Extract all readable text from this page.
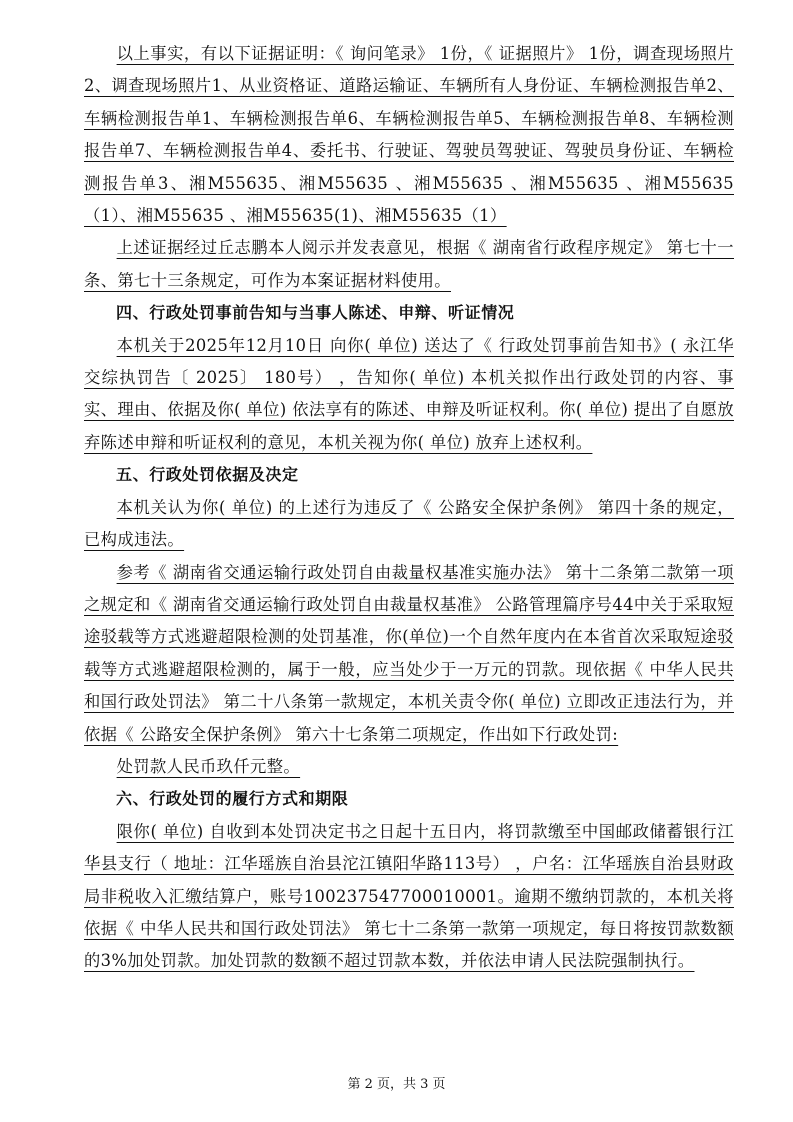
以上事实，有以下证据证明：《 询问笔录》 1份，《 证据照片》 1份，调查现场照片2、调查现场照片1、从业资格证、道路运输证、车辆所有人身份证、车辆检测报告单2、车辆检测报告单1、车辆检测报告单6、车辆检测报告单5、车辆检测报告单8、车辆检测报告单7、车辆检测报告单4、委托书、行驶证、驾驶员驾驶证、驾驶员身份证、车辆检测报告单3、湘M55635、湘M55635 、湘M55635 、湘M55635 、湘M55635（1）、湘M55635 、湘M55635(1)、湘M55635（1）

上述证据经过丘志鹏本人阅示并发表意见，根据《 湖南省行政程序规定》 第七十一条、第七十三条规定，可作为本案证据材料使用。

四、行政处罚事前告知与当事人陈述、申辩、听证情况

本机关于2025年12月10日 向你( 单位) 送达了《 行政处罚事前告知书》( 永江华交综执罚告〔 2025〕 180号） ，告知你( 单位) 本机关拟作出行政处罚的内容、事实、理由、依据及你( 单位) 依法享有的陈述、申辩及听证权利。你( 单位) 提出了自愿放弃陈述申辩和听证权利的意见，本机关视为你( 单位) 放弃上述权利。

五、行政处罚依据及决定

本机关认为你( 单位) 的上述行为违反了《 公路安全保护条例》 第四十条的规定，已构成违法。

参考《 湖南省交通运输行政处罚自由裁量权基准实施办法》 第十二条第二款第一项之规定和《 湖南省交通运输行政处罚自由裁量权基准》 公路管理篇序号44中关于采取短途驳载等方式逃避超限检测的处罚基准，你(单位)一个自然年度内在本省首次采取短途驳载等方式逃避超限检测的，属于一般，应当处少于一万元的罚款。现依据《 中华人民共和国行政处罚法》 第二十八条第一款规定，本机关责令你( 单位) 立即改正违法行为，并依据《 公路安全保护条例》 第六十七条第二项规定，作出如下行政处罚:

处罚款人民币玖仟元整。

六、行政处罚的履行方式和期限

限你( 单位) 自收到本处罚决定书之日起十五日内，将罚款缴至中国邮政储蓄银行江华县支行（ 地址：江华瑶族自治县沱江镇阳华路113号） ，户名：江华瑶族自治县财政局非税收入汇缴结算户，账号100237547700010001。逾期不缴纳罚款的，本机关将依据《 中华人民共和国行政处罚法》 第七十二条第一款第一项规定，每日将按罚款数额的3%加处罚款。加处罚款的数额不超过罚款本数，并依法申请人民法院强制执行。

第 2 页，共 3 页
